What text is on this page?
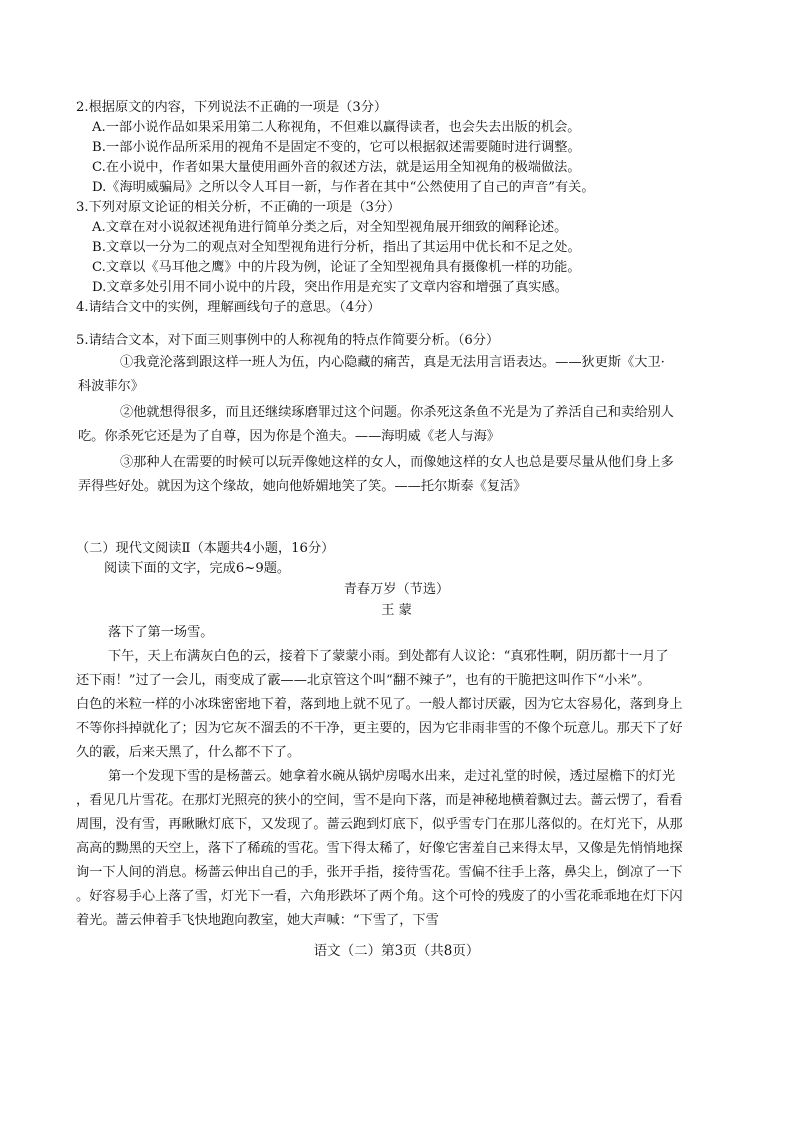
2.根据原文的内容，下列说法不正确的一项是（3分）
A.一部小说作品如果采用第二人称视角，不但难以赢得读者，也会失去出版的机会。
B.一部小说作品所采用的视角不是固定不变的，它可以根据叙述需要随时进行调整。
C.在小说中，作者如果大量使用画外音的叙述方法，就是运用全知视角的极端做法。
D.《海明威骗局》之所以令人耳目一新，与作者在其中“公然使用了自己的声音”有关。
3.下列对原文论证的相关分析，不正确的一项是（3分）
A.文章在对小说叙述视角进行简单分类之后，对全知型视角展开细致的阐释论述。
B.文章以一分为二的观点对全知型视角进行分析，指出了其运用中优长和不足之处。
C.文章以《马耳他之鹰》中的片段为例，论证了全知型视角具有摄像机一样的功能。
D.文章多处引用不同小说中的片段，突出作用是充实了文章内容和增强了真实感。
4.请结合文中的实例，理解画线句子的意思。（4分）
5.请结合文本，对下面三则事例中的人称视角的特点作简要分析。（6分）
①我竟沦落到跟这样一班人为伍，内心隐藏的痛苦，真是无法用言语表达。——狄更斯《大卫·
科波菲尔》
②他就想得很多，而且还继续琢磨罪过这个问题。你杀死这条鱼不光是为了养活自己和卖给别人
吃。你杀死它还是为了自尊，因为你是个渔夫。——海明威《老人与海》
③那种人在需要的时候可以玩弄像她这样的女人，而像她这样的女人也总是要尽量从他们身上多
弄得些好处。就因为这个缘故，她向他娇媚地笑了笑。——托尔斯泰《复活》
（二）现代文阅读Ⅱ（本题共4小题，16分）
阅读下面的文字，完成6~9题。
青春万岁（节选）
王 蒙
落下了第一场雪。
下午，天上布满灰白色的云，接着下了蒙蒙小雨。到处都有人议论：“真邪性啊，阴历都十一月了
还下雨！”过了一会儿，雨变成了霰——北京管这个叫“翻不辣子”，也有的干脆把这叫作下“小米”。
白色的米粒一样的小冰珠密密地下着，落到地上就不见了。一般人都讨厌霰，因为它太容易化，落到身上
不等你抖掉就化了；因为它灰不溜丢的不干净，更主要的，因为它非雨非雪的不像个玩意儿。那天下了好
久的霰，后来天黑了，什么都不下了。
第一个发现下雪的是杨蔷云。她拿着水碗从锅炉房喝水出来，走过礼堂的时候，透过屋檐下的灯光
，看见几片雪花。在那灯光照亮的狭小的空间，雪不是向下落，而是神秘地横着飘过去。蔷云愣了，看看
周围，没有雪，再瞅瞅灯底下，又发现了。蔷云跑到灯底下，似乎雪专门在那儿落似的。在灯光下，从那
高高的黝黑的天空上，落下了稀疏的雪花。雪下得太稀了，好像它害羞自己来得太早，又像是先悄悄地探
询一下人间的消息。杨蔷云伸出自己的手，张开手指，接待雪花。雪偏不往手上落，鼻尖上，倒凉了一下
。好容易手心上落了雪，灯光下一看，六角形跌坏了两个角。这个可怜的残废了的小雪花乖乖地在灯下闪
着光。蔷云伸着手飞快地跑向教室，她大声喊：“下雪了，下雪
语文（二）第3页（共8页）
